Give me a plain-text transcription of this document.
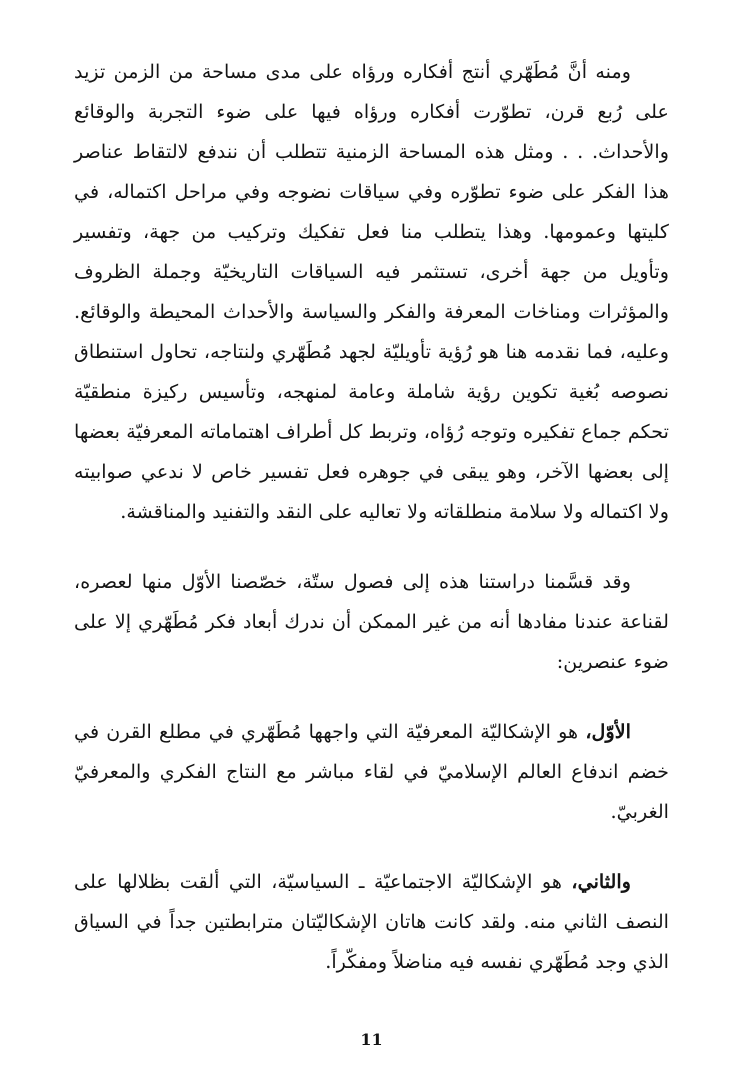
ومنه أنَّ مُطَهّري أنتج أفكاره ورؤاه على مدى مساحة من الزمن تزيد على رُبع قرن، تطوّرت أفكاره ورؤاه فيها على ضوء التجربة والوقائع والأحداث. . . ومثل هذه المساحة الزمنية تتطلب أن نندفع لالتقاط عناصر هذا الفكر على ضوء تطوّره وفي سياقات نضوجه وفي مراحل اكتماله، في كليتها وعمومها. وهذا يتطلب منا فعل تفكيك وتركيب من جهة، وتفسير وتأويل من جهة أخرى، تستثمر فيه السياقات التاريخيّة وجملة الظروف والمؤثرات ومناخات المعرفة والفكر والسياسة والأحداث المحيطة والوقائع. وعليه، فما نقدمه هنا هو رُؤية تأويليّة لجهد مُطَهّري ولنتاجه، تحاول استنطاق نصوصه بُغية تكوين رؤية شاملة وعامة لمنهجه، وتأسيس ركيزة منطقيّة تحكم جماع تفكيره وتوجه رُؤاه، وتربط كل أطراف اهتماماته المعرفيّة بعضها إلى بعضها الآخر، وهو يبقى في جوهره فعل تفسير خاص لا ندعي صوابيته ولا اكتماله ولا سلامة منطلقاته ولا تعاليه على النقد والتفنيد والمناقشة.

وقد قسَّمنا دراستنا هذه إلى فصول ستّة، خصّصنا الأوّل منها لعصره، لقناعة عندنا مفادها أنه من غير الممكن أن ندرك أبعاد فكر مُطَهّري إلا على ضوء عنصرين:

الأوّل، هو الإشكاليّة المعرفيّة التي واجهها مُطَهّري في مطلع القرن في خضم اندفاع العالم الإسلاميّ في لقاء مباشر مع النتاج الفكري والمعرفيّ الغربيّ.

والثاني، هو الإشكاليّة الاجتماعيّة ـ السياسيّة، التي ألقت بظلالها على النصف الثاني منه. ولقد كانت هاتان الإشكاليّتان مترابطتين جداً في السياق الذي وجد مُطَهّري نفسه فيه مناضلاً ومفكّراً.

11
